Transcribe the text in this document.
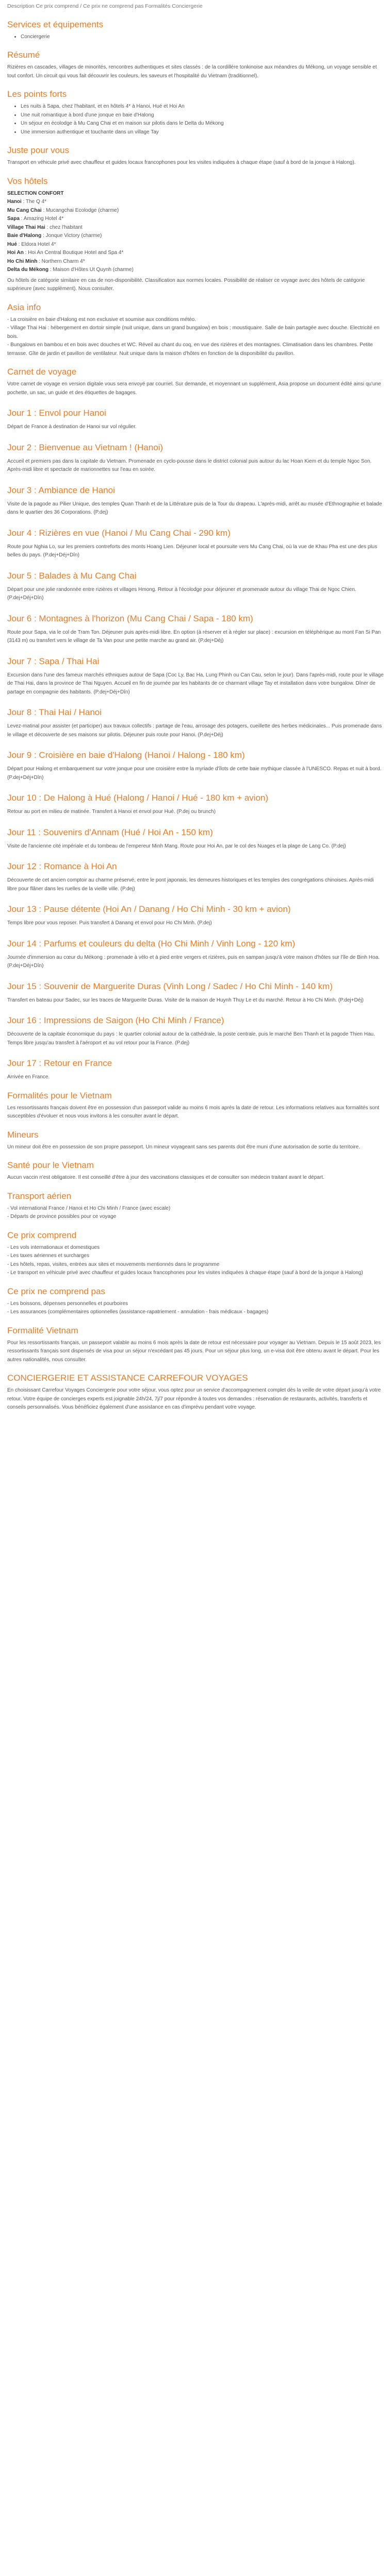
Description Ce prix comprend / Ce prix ne comprend pas Formalités Conciergerie
Services et équipements
• Conciergerie
Résumé

Rizières en cascades, villages de minorités, rencontres authentiques et sites classés : de la cordillère tonkinoise aux méandres du Mékong, un voyage sensible et tout confort. Un circuit qui vous fait découvrir les couleurs, les saveurs et l'hospitalité du Vietnam (traditionnel).

Les points forts
• Les nuits à Sapa, chez l'habitant, et en hôtels 4* à Hanoi, Hué et Hoi An
• Une nuit romantique à bord d'une jonque en baie d'Halong
• Un séjour en écolodge à Mu Cang Chai et en maison sur pilotis dans le Delta du Mékong
• Une immersion authentique et touchante dans un village Tay
Juste pour vous

Transport en véhicule privé avec chauffeur et guides locaux francophones pour les visites indiquées à chaque étape (sauf à bord de la jonque à Halong).

Vos hôtels
SELECTION CONFORT
Hanoi : The Q 4*
Mu Cang Chai : Mucangchai Ecolodge (charme)
Sapa : Amazing Hotel 4*
Village Thai Hai : chez l'habitant
Baie d'Halong : Jonque Victory (charme)
Hué : Eldora Hotel 4*
Hoi An : Hoi An Central Boutique Hotel and Spa 4*
Ho Chi Minh : Northern Charm 4*
Delta du Mékong : Maison d'Hôtes Ut Quynh (charme)

Ou hôtels de catégorie similaire en cas de non-disponibilité. Classification aux normes locales. Possibilité de réaliser ce voyage avec des hôtels de catégorie supérieure (avec supplément). Nous consulter.

Asia info
- La croisière en baie d'Halong est non exclusive et soumise aux conditions météo.
- Village Thai Hai : hébergement en dortoir simple (nuit unique, dans un grand bungalow) en bois ; moustiquaire. Salle de bain partagée avec douche. Electricité en bois.
- Bungalows en bambou et en bois avec douches et WC. Réveil au chant du coq, en vue des rizières et des montagnes. Climatisation dans les chambres. Petite terrasse. Gîte de jardin et pavillon de ventilateur. Nuit unique dans la maison d'hôtes en fonction de la disponibilité du pavillon.
Carnet de voyage

Votre carnet de voyage en version digitale vous sera envoyé par courriel. Sur demande, et moyennant un supplément, Asia propose un document édité ainsi qu'une pochette, un sac, un guide et des étiquettes de bagages.

Jour 1 : Envol pour Hanoi

Départ de France à destination de Hanoi sur vol régulier.

Jour 2 : Bienvenue au Vietnam ! (Hanoi)

Accueil et premiers pas dans la capitale du Vietnam. Promenade en cyclo-pousse dans le district colonial puis autour du lac Hoan Kiem et du temple Ngoc Son. Après-midi libre et spectacle de marionnettes sur l'eau en soirée.

Jour 3 : Ambiance de Hanoi

Visite de la pagode au Pilier Unique, des temples Quan Thanh et de la Littérature puis de la Tour du drapeau. L'après-midi, arrêt au musée d'Ethnographie et balade dans le quartier des 36 Corporations. (P.dej)

Jour 4 : Rizières en vue (Hanoi / Mu Cang Chai - 290 km)

Route pour Nghia Lo, sur les premiers contreforts des monts Hoang Lien. Déjeuner local et poursuite vers Mu Cang Chai, où la vue de Khau Pha est une des plus belles du pays. (P.dej+Déj+Dîn)

Jour 5 : Balades à Mu Cang Chai

Départ pour une jolie randonnée entre rizières et villages Hmong. Retour à l'écolodge pour déjeuner et promenade autour du village Thai de Ngoc Chien. (P.dej+Déj+Dîn)

Jour 6 : Montagnes à l'horizon (Mu Cang Chai / Sapa - 180 km)

Route pour Sapa, via le col de Tram Ton. Déjeuner puis après-midi libre. En option (à réserver et à régler sur place) : excursion en téléphérique au mont Fan Si Pan (3143 m) ou transfert vers le village de Ta Van pour une petite marche au grand air. (P.dej+Déj)

Jour 7 : Sapa / Thai Hai

Excursion dans l'une des fameux marchés ethniques autour de Sapa (Coc Ly, Bac Ha, Lung Phinh ou Can Cau, selon le jour). Dans l'après-midi, route pour le village de Thai Hai, dans la province de Thai Nguyen. Accueil en fin de journée par les habitants de ce charmant village Tay et installation dans votre bungalow. Dîner de partage en compagnie des habitants. (P.dej+Déj+Dîn)

Jour 8 : Thai Hai / Hanoi

Levez-matinal pour assister (et participer) aux travaux collectifs : partage de l'eau, arrosage des potagers, cueillette des herbes médicinales... Puis promenade dans le village et découverte de ses maisons sur pilotis. Déjeuner puis route pour Hanoi. (P.dej+Déj)

Jour 9 : Croisière en baie d'Halong (Hanoi / Halong - 180 km)

Départ pour Halong et embarquement sur votre jonque pour une croisière entre la myriade d'îlots de cette baie mythique classée à l'UNESCO. Repas et nuit à bord. (P.dej+Déj+Dîn)

Jour 10 : De Halong à Hué (Halong / Hanoi / Hué - 180 km + avion)

Retour au port en milieu de matinée. Transfert à Hanoi et envol pour Hué. (P.dej ou brunch)

Jour 11 : Souvenirs d'Annam (Hué / Hoi An - 150 km)

Visite de l'ancienne cité impériale et du tombeau de l'empereur Minh Mang. Route pour Hoi An, par le col des Nuages et la plage de Lang Co. (P.dej)

Jour 12 : Romance à Hoi An

Découverte de cet ancien comptoir au charme préservé, entre le pont japonais, les demeures historiques et les temples des congrégations chinoises. Après-midi libre pour flâner dans les ruelles de la vieille ville. (P.dej)

Jour 13 : Pause détente (Hoi An / Danang / Ho Chi Minh - 30 km + avion)

Temps libre pour vous reposer. Puis transfert à Danang et envol pour Ho Chi Minh. (P.dej)

Jour 14 : Parfums et couleurs du delta (Ho Chi Minh / Vinh Long - 120 km)

Journée d'immersion au cœur du Mékong : promenade à vélo et à pied entre vergers et rizières, puis en sampan jusqu'à votre maison d'hôtes sur l'île de Binh Hoa. (P.dej+Déj+Dîn)

Jour 15 : Souvenir de Marguerite Duras (Vinh Long / Sadec / Ho Chi Minh - 140 km)

Transfert en bateau pour Sadec, sur les traces de Marguerite Duras. Visite de la maison de Huynh Thuy Le et du marché. Retour à Ho Chi Minh. (P.dej+Déj)

Jour 16 : Impressions de Saigon (Ho Chi Minh / France)

Découverte de la capitale économique du pays : le quartier colonial autour de la cathédrale, la poste centrale, puis le marché Ben Thanh et la pagode Thien Hau. Temps libre jusqu'au transfert à l'aéroport et au vol retour pour la France. (P.dej)

Jour 17 : Retour en France

Arrivée en France.

Formalités pour le Vietnam

Les ressortissants français doivent être en possession d'un passeport valide au moins 6 mois après la date de retour. Les informations relatives aux formalités sont susceptibles d'évoluer et nous vous invitons à les consulter avant le départ.

Mineurs

Un mineur doit être en possession de son propre passeport. Un mineur voyageant sans ses parents doit être muni d'une autorisation de sortie du territoire.

Santé pour le Vietnam

Aucun vaccin n'est obligatoire. Il est conseillé d'être à jour des vaccinations classiques et de consulter son médecin traitant avant le départ.

Transport aérien
- Vol international France / Hanoi et Ho Chi Minh / France (avec escale)
- Départs de province possibles pour ce voyage
Ce prix comprend
- Les vols internationaux et domestiques
- Les taxes aériennes et surcharges
- Les hôtels, repas, visites, entrées aux sites et mouvements mentionnés dans le programme
- Le transport en véhicule privé avec chauffeur et guides locaux francophones pour les visites indiquées à chaque étape (sauf à bord de la jonque à Halong)
Ce prix ne comprend pas
- Les boissons, dépenses personnelles et pourboires
- Les assurances (complémentaires optionnelles (assistance-rapatriement - annulation - frais médicaux - bagages)
Formalité Vietnam

Pour les ressortissants français, un passeport valable au moins 6 mois après la date de retour est nécessaire pour voyager au Vietnam. Depuis le 15 août 2023, les ressortissants français sont dispensés de visa pour un séjour n'excédant pas 45 jours. Pour un séjour plus long, un e-visa doit être obtenu avant le départ. Pour les autres nationalités, nous consulter.

CONCIERGERIE ET ASSISTANCE CARREFOUR VOYAGES

En choisissant Carrefour Voyages Conciergerie pour votre séjour, vous optez pour un service d'accompagnement complet dès la veille de votre départ jusqu'à votre retour. Votre équipe de concierges experts est joignable 24h/24, 7j/7 pour répondre à toutes vos demandes : réservation de restaurants, activités, transferts et conseils personnalisés. Vous bénéficiez également d'une assistance en cas d'imprévu pendant votre voyage.
